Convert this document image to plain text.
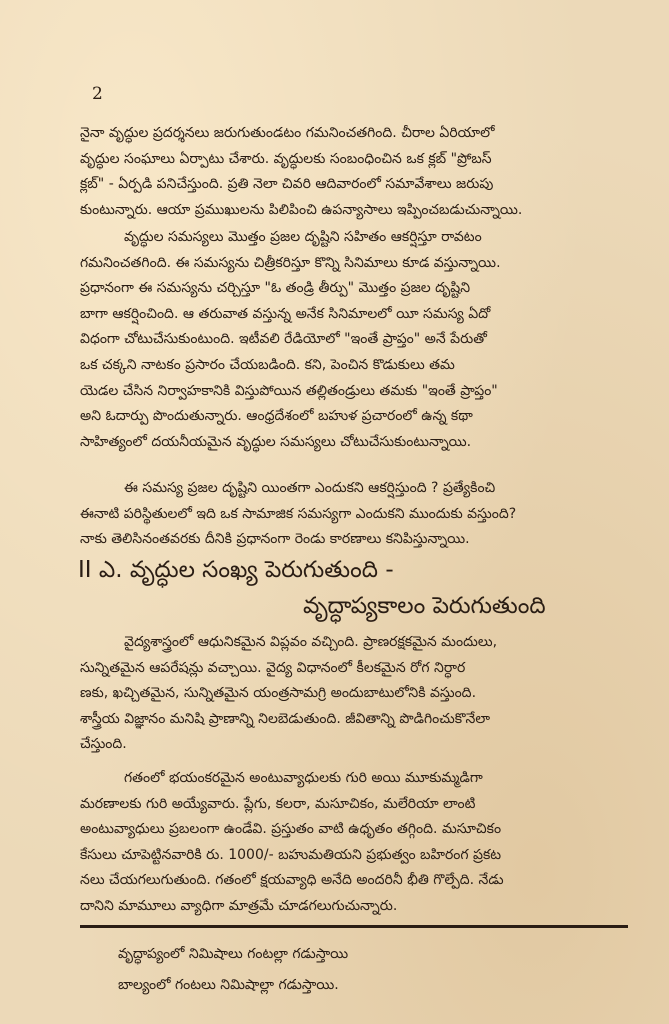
2
నైనా వృద్ధుల ప్రదర్శనలు జరుగుతుండటం గమనించతగింది. చీరాల ఏరియాలో
వృద్ధుల సంఘాలు ఏర్పాటు చేశారు. వృద్ధులకు సంబంధించిన ఒక క్లబ్ "ప్రోబస్
క్లబ్" - ఏర్పడి పనిచేస్తుంది. ప్రతి నెలా చివరి ఆదివారంలో సమావేశాలు జరుపు
కుంటున్నారు. ఆయా ప్రముఖులను పిలిపించి ఉపన్యాసాలు ఇప్పించబడుచున్నాయి.
వృద్ధుల సమస్యలు మొత్తం ప్రజల దృష్టిని సహితం ఆకర్షిస్తూ రావటం
గమనించతగింది. ఈ సమస్యను చిత్రీకరిస్తూ కొన్ని సినిమాలు కూడ వస్తున్నాయి.
ప్రధానంగా ఈ సమస్యను చర్చిస్తూ "ఓ తండ్రి తీర్పు" మొత్తం ప్రజల దృష్టిని
బాగా ఆకర్షించింది. ఆ తరువాత వస్తున్న అనేక సినిమాలలో యీ సమస్య ఏదో
విధంగా చోటుచేసుకుంటుంది. ఇటీవలి రేడియోలో "ఇంతే ప్రాప్తం" అనే పేరుతో
ఒక చక్కని నాటకం ప్రసారం చేయబడింది. కని, పెంచిన కొడుకులు తమ
యెడల చేసిన నిర్వాహకానికి విస్తుపోయిన తల్లితండ్రులు తమకు "ఇంతే ప్రాప్తం"
అని ఓదార్పు పొందుతున్నారు. ఆంధ్రదేశంలో బహుళ ప్రచారంలో ఉన్న కథా
సాహిత్యంలో దయనీయమైన వృద్ధుల సమస్యలు చోటుచేసుకుంటున్నాయి.
ఈ సమస్య ప్రజల దృష్టిని యింతగా ఎందుకని ఆకర్షిస్తుంది ? ప్రత్యేకించి
ఈనాటి పరిస్థితులలో ఇది ఒక సామాజిక సమస్యగా ఎందుకని ముందుకు వస్తుంది?
నాకు తెలిసినంతవరకు దీనికి ప్రధానంగా రెండు కారణాలు కనిపిస్తున్నాయి.
II ఎ. వృద్ధుల సంఖ్య పెరుగుతుంది -
వృద్ధాప్యకాలం పెరుగుతుంది
వైద్యశాస్త్రంలో ఆధునికమైన విప్లవం వచ్చింది. ప్రాణరక్షకమైన మందులు,
సున్నితమైన ఆపరేషన్లు వచ్చాయి. వైద్య విధానంలో కీలకమైన రోగ నిర్ధార
ణకు, ఖచ్చితమైన, సున్నితమైన యంత్రసామగ్రి అందుబాటులోనికి వస్తుంది.
శాస్త్రీయ విజ్ఞానం మనిషి ప్రాణాన్ని నిలబెడుతుంది. జీవితాన్ని పొడిగించుకొనేలా
చేస్తుంది.
గతంలో భయంకరమైన అంటువ్యాధులకు గురి అయి మూకుమ్మడిగా
మరణాలకు గురి అయ్యేవారు. ప్లేగు, కలరా, మసూచికం, మలేరియా లాంటి
అంటువ్యాధులు ప్రబలంగా ఉండేవి. ప్రస్తుతం వాటి ఉధృతం తగ్గింది. మసూచికం
కేసులు చూపెట్టినవారికి రు. 1000/- బహుమతియని ప్రభుత్వం బహిరంగ ప్రకట
నలు చేయగలుగుతుంది. గతంలో క్షయవ్యాధి అనేది అందరినీ భీతి గొల్పేది. నేడు
దానిని మామూలు వ్యాధిగా మాత్రమే చూడగలుగుచున్నారు.
వృద్ధాప్యంలో నిమిషాలు గంటల్లా గడుస్తాయి
బాల్యంలో గంటలు నిమిషాల్లా గడుస్తాయి.
